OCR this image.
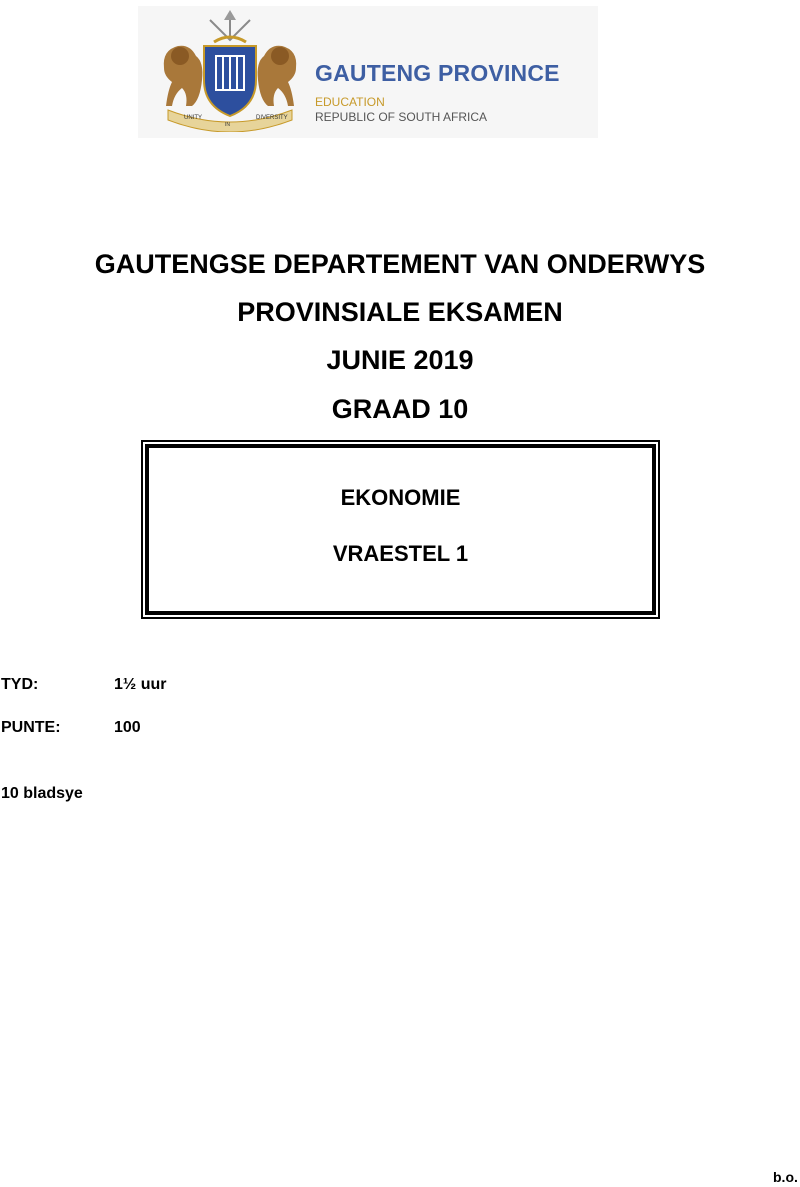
UNITY
IN
DIVERSITY
GAUTENG PROVINCE
EDUCATION
REPUBLIC OF SOUTH AFRICA
GAUTENGSE DEPARTEMENT VAN ONDERWYS
PROVINSIALE EKSAMEN
JUNIE 2019
GRAAD 10
EKONOMIE
VRAESTEL 1
TYD:	1½ uur
PUNTE:	100
10 bladsye
b.o.
